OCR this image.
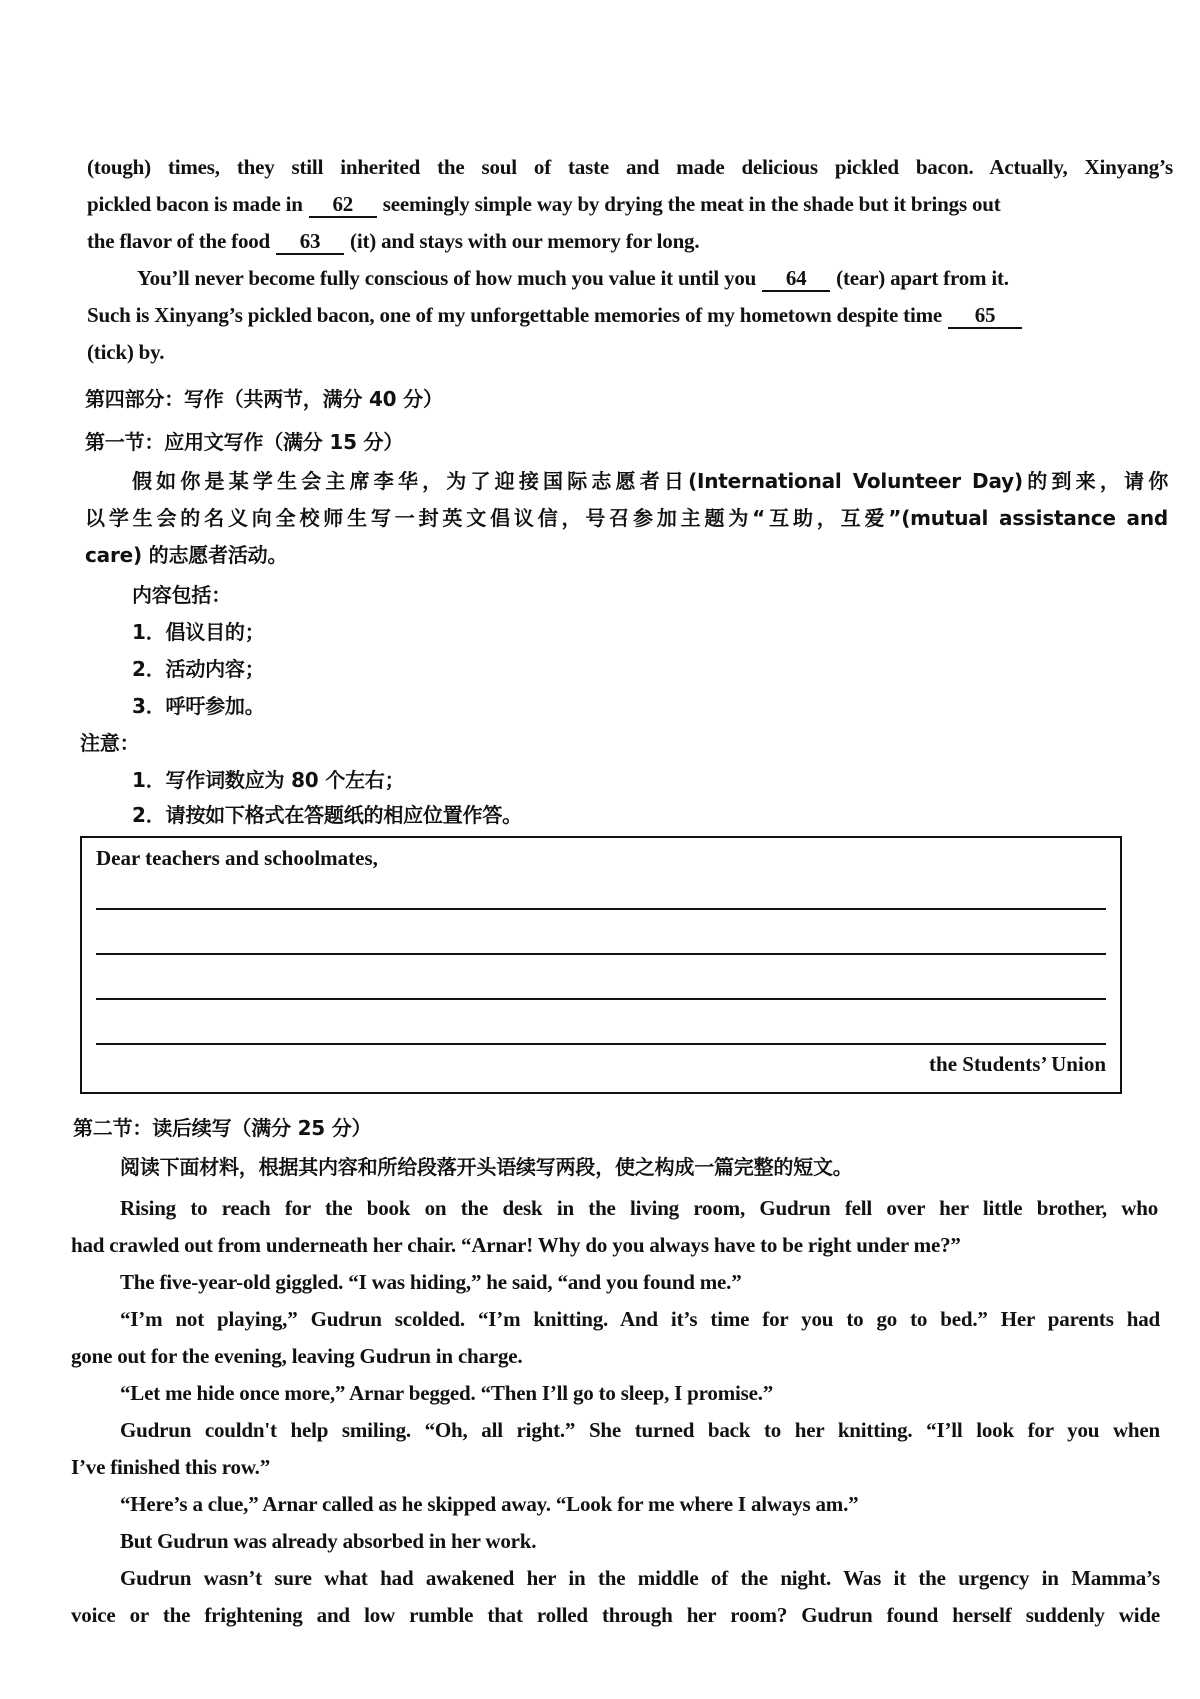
(tough) times, they still inherited the soul of taste and made delicious pickled bacon. Actually, Xinyang’s
pickled bacon is made in 62 seemingly simple way by drying the meat in the shade but it brings out
the flavor of the food 63 (it) and stays with our memory for long.
You’ll never become fully conscious of how much you value it until you 64 (tear) apart from it.
Such is Xinyang’s pickled bacon, one of my unforgettable memories of my hometown despite time 65
(tick) by.
第四部分：写作（共两节，满分 40 分）
第一节：应用文写作（满分 15 分）
假如你是某学生会主席李华，为了迎接国际志愿者日(International Volunteer Day)的到来，请你
以学生会的名义向全校师生写一封英文倡议信，号召参加主题为“互助，互爱”(mutual assistance and
care) 的志愿者活动。
内容包括：
1．倡议目的；
2．活动内容；
3．呼吁参加。
注意：
1．写作词数应为 80 个左右；
2．请按如下格式在答题纸的相应位置作答。
Dear teachers and schoolmates,
the Students’ Union
第二节：读后续写（满分 25 分）
阅读下面材料，根据其内容和所给段落开头语续写两段，使之构成一篇完整的短文。
Rising to reach for the book on the desk in the living room, Gudrun fell over her little brother, who
had crawled out from underneath her chair. “Arnar! Why do you always have to be right under me?”
The five-year-old giggled. “I was hiding,” he said, “and you found me.”
“I’m not playing,” Gudrun scolded. “I’m knitting. And it’s time for you to go to bed.” Her parents had
gone out for the evening, leaving Gudrun in charge.
“Let me hide once more,” Arnar begged. “Then I’ll go to sleep, I promise.”
Gudrun couldn't help smiling. “Oh, all right.” She turned back to her knitting. “I’ll look for you when
I’ve finished this row.”
“Here’s a clue,” Arnar called as he skipped away. “Look for me where I always am.”
But Gudrun was already absorbed in her work.
Gudrun wasn’t sure what had awakened her in the middle of the night. Was it the urgency in Mamma’s
voice or the frightening and low rumble that rolled through her room? Gudrun found herself suddenly wide
